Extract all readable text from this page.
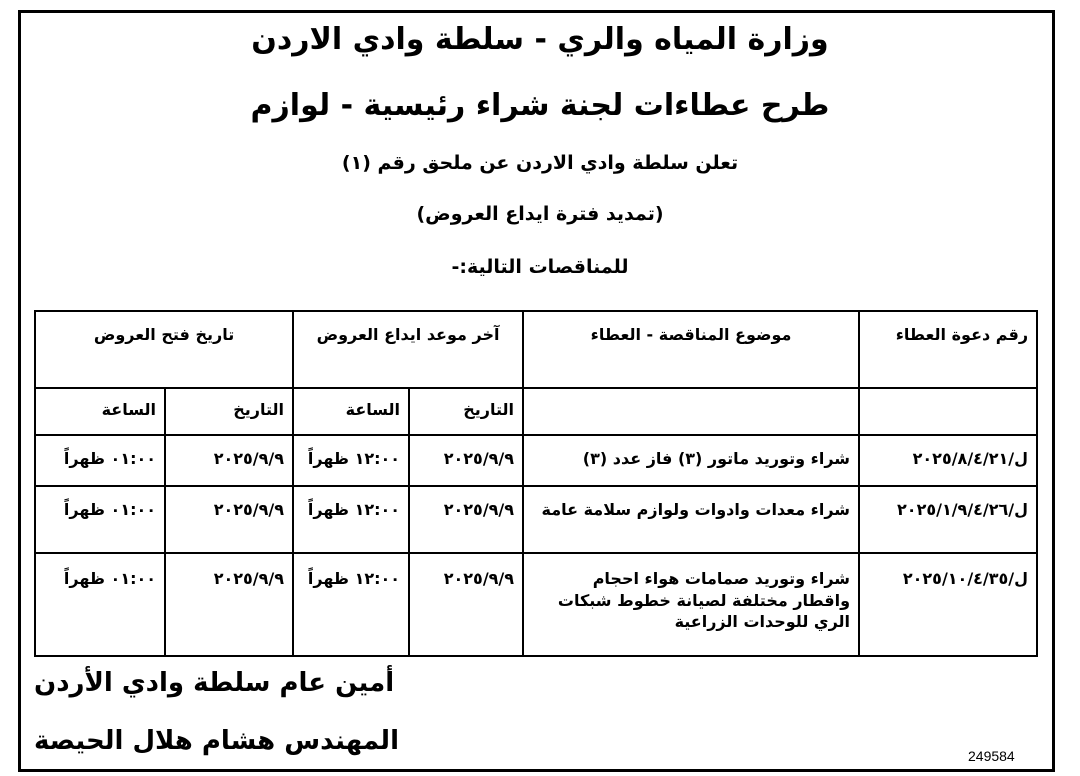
وزارة المياه والري - سلطة وادي الاردن
طرح عطاءات لجنة شراء رئيسية - لوازم
تعلن سلطة وادي الاردن عن ملحق رقم (١)
(تمديد فترة ايداع العروض)
للمناقصات التالية:-
رقم دعوة العطاء	موضوع المناقصة - العطاء	آخر موعد ايداع العروض		تاريخ فتح العروض	
		التاريخ	الساعة	التاريخ	الساعة
ل/٢٠٢٥/٨/٤/٢١	شراء وتوريد ماتور (٣) فاز عدد (٣)	٢٠٢٥/٩/٩	١٢:٠٠ ظهراً	٢٠٢٥/٩/٩	٠١:٠٠ ظهراً
ل/٢٠٢٥/١/٩/٤/٢٦	شراء معدات وادوات ولوازم سلامة عامة	٢٠٢٥/٩/٩	١٢:٠٠ ظهراً	٢٠٢٥/٩/٩	٠١:٠٠ ظهراً
ل/٢٠٢٥/١٠/٤/٣٥	شراء وتوريد صمامات هواء احجام واقطار مختلفة لصيانة خطوط شبكات الري للوحدات الزراعية	٢٠٢٥/٩/٩	١٢:٠٠ ظهراً	٢٠٢٥/٩/٩	٠١:٠٠ ظهراً
أمين عام سلطة وادي الأردن
المهندس هشام هلال الحيصة	249584
